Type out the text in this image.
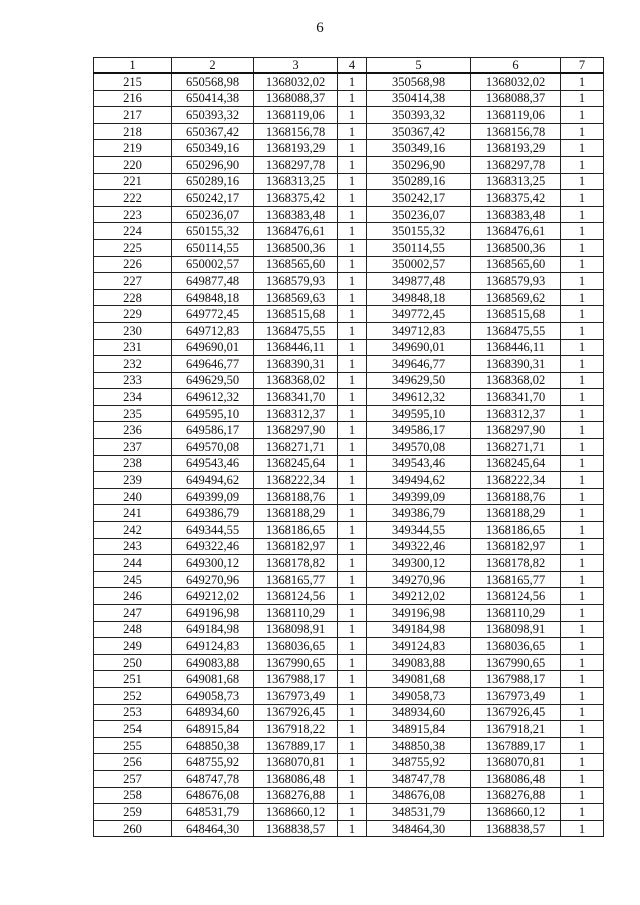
6
1	2	3	4	5	6	7
215	650568,98	1368032,02	1	350568,98	1368032,02	1
216	650414,38	1368088,37	1	350414,38	1368088,37	1
217	650393,32	1368119,06	1	350393,32	1368119,06	1
218	650367,42	1368156,78	1	350367,42	1368156,78	1
219	650349,16	1368193,29	1	350349,16	1368193,29	1
220	650296,90	1368297,78	1	350296,90	1368297,78	1
221	650289,16	1368313,25	1	350289,16	1368313,25	1
222	650242,17	1368375,42	1	350242,17	1368375,42	1
223	650236,07	1368383,48	1	350236,07	1368383,48	1
224	650155,32	1368476,61	1	350155,32	1368476,61	1
225	650114,55	1368500,36	1	350114,55	1368500,36	1
226	650002,57	1368565,60	1	350002,57	1368565,60	1
227	649877,48	1368579,93	1	349877,48	1368579,93	1
228	649848,18	1368569,63	1	349848,18	1368569,62	1
229	649772,45	1368515,68	1	349772,45	1368515,68	1
230	649712,83	1368475,55	1	349712,83	1368475,55	1
231	649690,01	1368446,11	1	349690,01	1368446,11	1
232	649646,77	1368390,31	1	349646,77	1368390,31	1
233	649629,50	1368368,02	1	349629,50	1368368,02	1
234	649612,32	1368341,70	1	349612,32	1368341,70	1
235	649595,10	1368312,37	1	349595,10	1368312,37	1
236	649586,17	1368297,90	1	349586,17	1368297,90	1
237	649570,08	1368271,71	1	349570,08	1368271,71	1
238	649543,46	1368245,64	1	349543,46	1368245,64	1
239	649494,62	1368222,34	1	349494,62	1368222,34	1
240	649399,09	1368188,76	1	349399,09	1368188,76	1
241	649386,79	1368188,29	1	349386,79	1368188,29	1
242	649344,55	1368186,65	1	349344,55	1368186,65	1
243	649322,46	1368182,97	1	349322,46	1368182,97	1
244	649300,12	1368178,82	1	349300,12	1368178,82	1
245	649270,96	1368165,77	1	349270,96	1368165,77	1
246	649212,02	1368124,56	1	349212,02	1368124,56	1
247	649196,98	1368110,29	1	349196,98	1368110,29	1
248	649184,98	1368098,91	1	349184,98	1368098,91	1
249	649124,83	1368036,65	1	349124,83	1368036,65	1
250	649083,88	1367990,65	1	349083,88	1367990,65	1
251	649081,68	1367988,17	1	349081,68	1367988,17	1
252	649058,73	1367973,49	1	349058,73	1367973,49	1
253	648934,60	1367926,45	1	348934,60	1367926,45	1
254	648915,84	1367918,22	1	348915,84	1367918,21	1
255	648850,38	1367889,17	1	348850,38	1367889,17	1
256	648755,92	1368070,81	1	348755,92	1368070,81	1
257	648747,78	1368086,48	1	348747,78	1368086,48	1
258	648676,08	1368276,88	1	348676,08	1368276,88	1
259	648531,79	1368660,12	1	348531,79	1368660,12	1
260	648464,30	1368838,57	1	348464,30	1368838,57	1
